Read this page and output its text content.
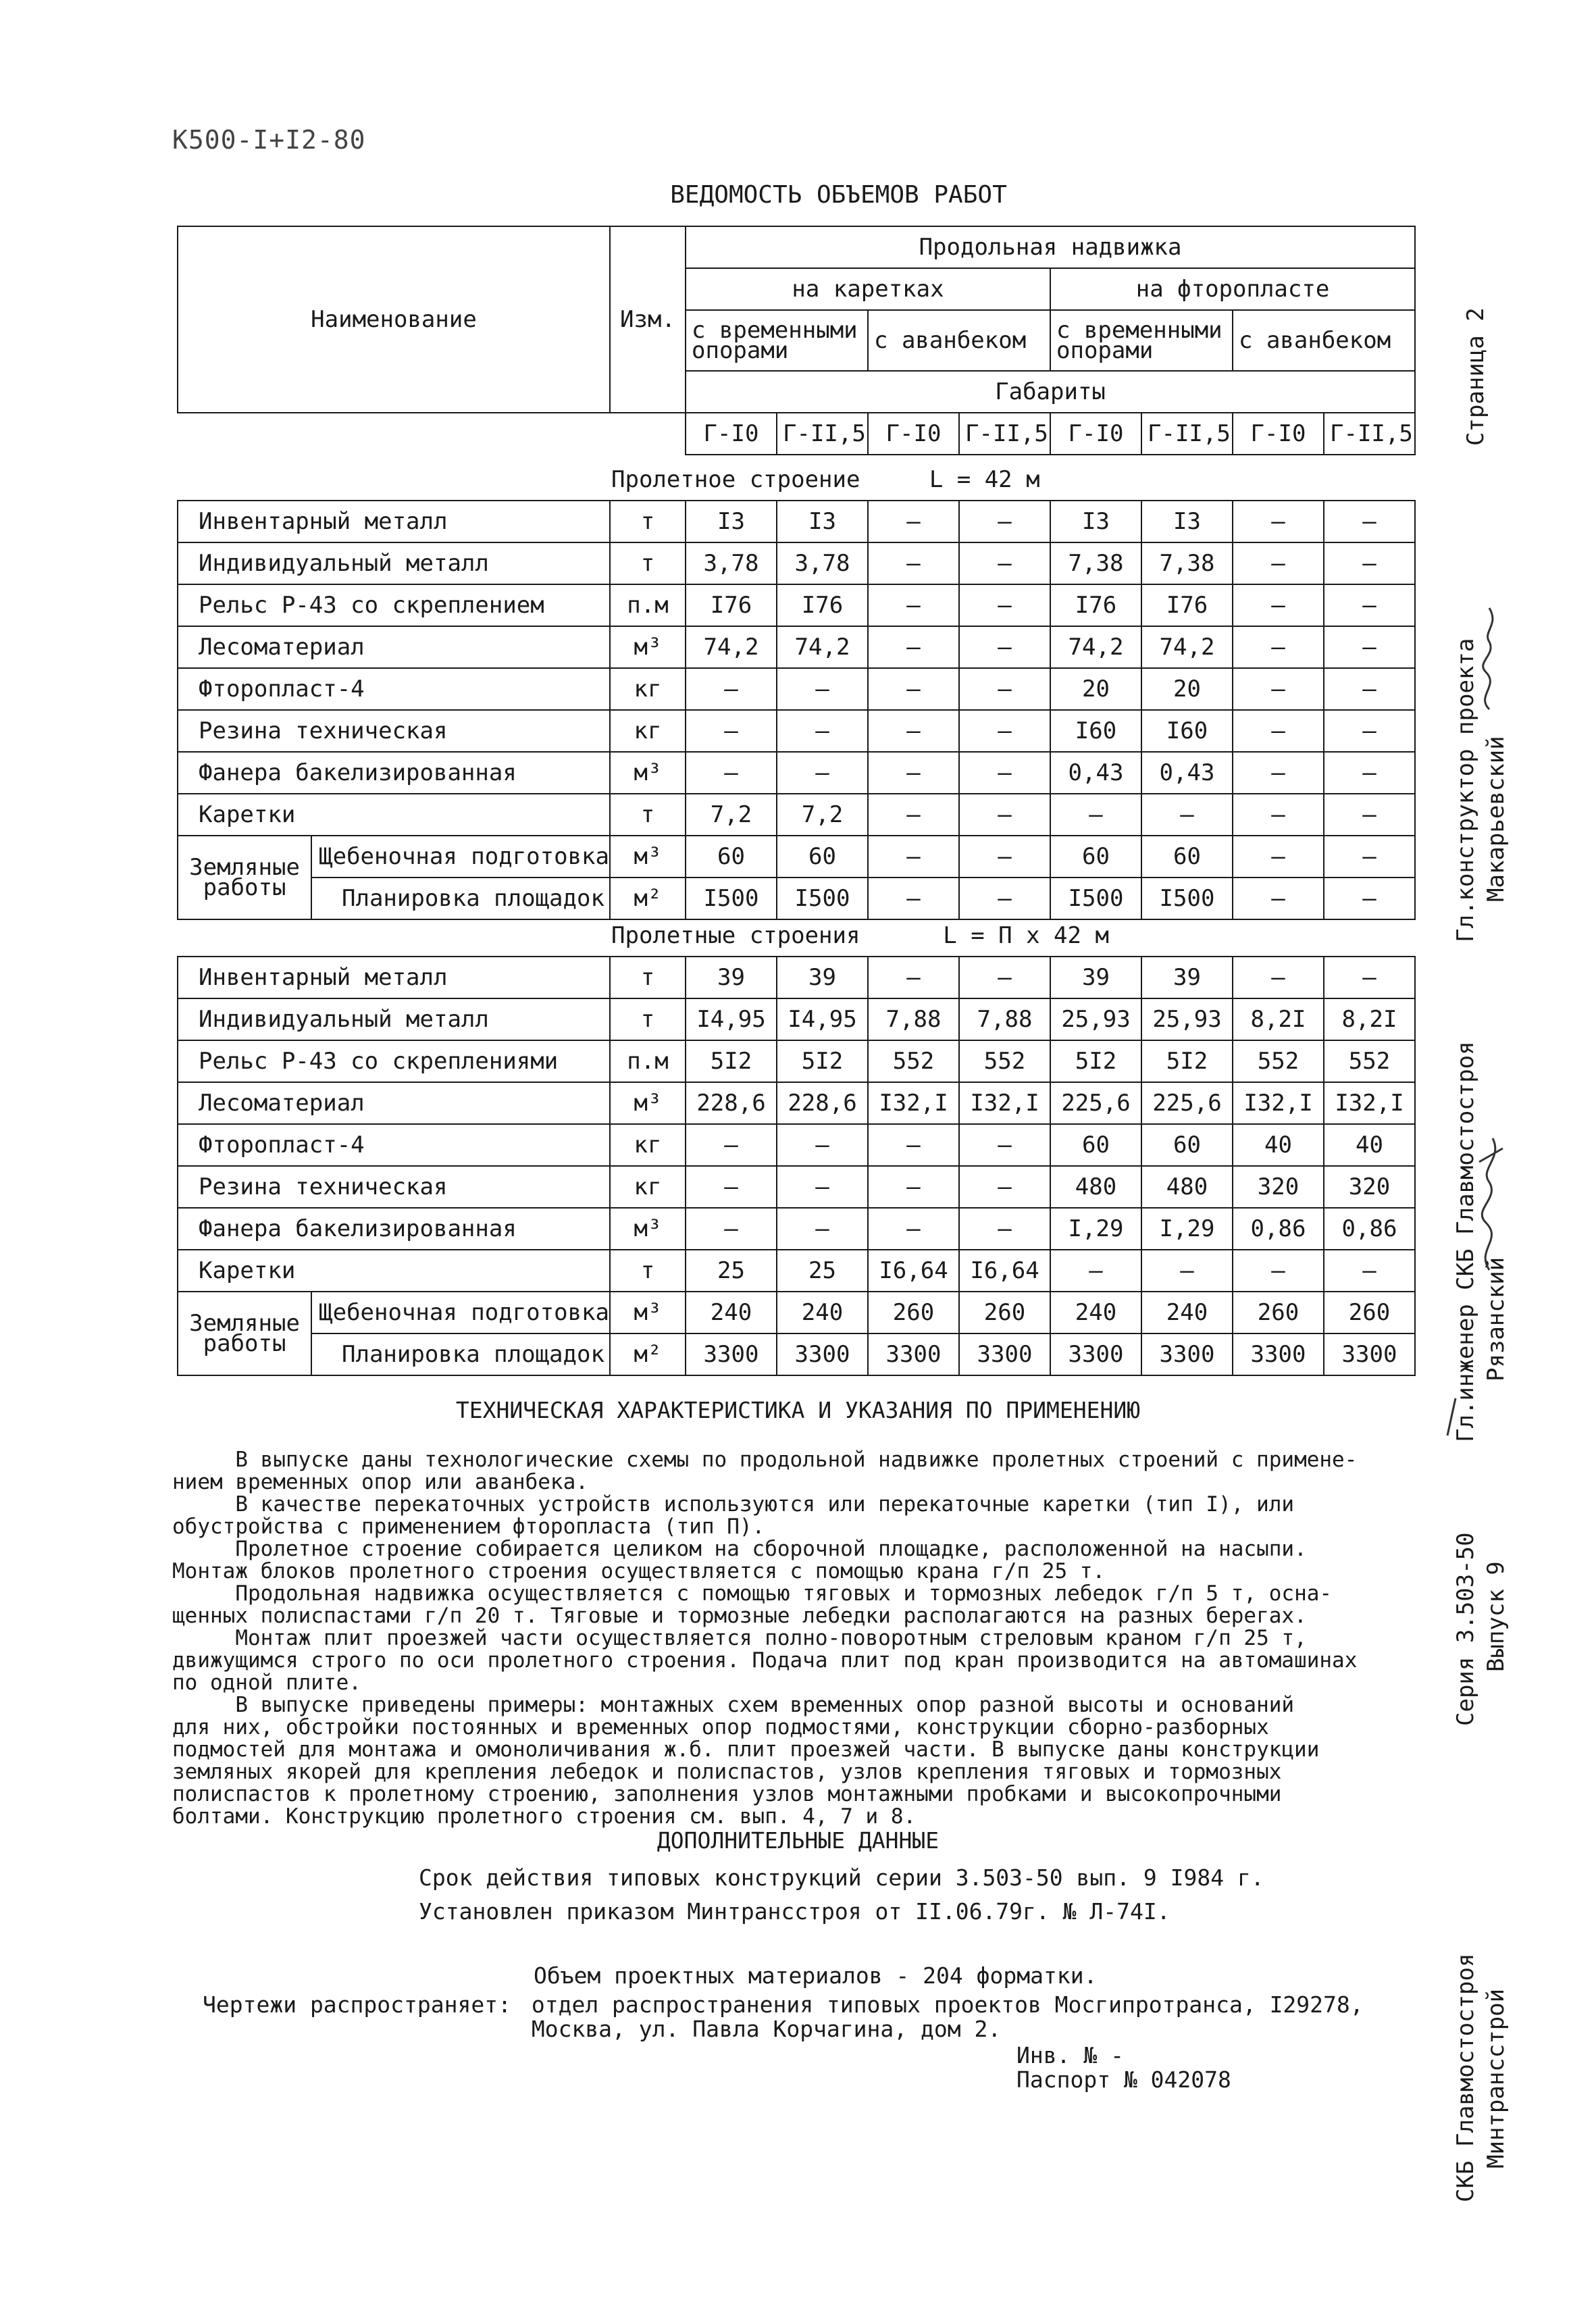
К500-I+I2-80
ВЕДОМОСТЬ ОБЪЕМОВ РАБОТ
Наименование	Изм.	Продольная надвижка							
		на каретках				на фторопласте			
		с временными опорами		с аванбеком		с временными опорами		с аванбеком	
		Габариты							
		Г-I0	Г-II,5	Г-I0	Г-II,5	Г-I0	Г-II,5	Г-I0	Г-II,5
Пролетное строение	L = 42 м
Инвентарный металл	т	I3	I3	–	–	I3	I3	–	–
Индивидуальный металл	т	3,78	3,78	–	–	7,38	7,38	–	–
Рельс Р-43 со скреплением	п.м	I76	I76	–	–	I76	I76	–	–
Лесоматериал	м³	74,2	74,2	–	–	74,2	74,2	–	–
Фторопласт-4	кг	–	–	–	–	20	20	–	–
Резина техническая	кг	–	–	–	–	I60	I60	–	–
Фанера бакелизированная	м³	–	–	–	–	0,43	0,43	–	–
Каретки	т	7,2	7,2	–	–	–	–	–	–

Земляные работы
Щебеночная подготовка	м³	60	60	–	–	60	60	–	–

Планировка площадок	м²	I500	I500	–	–	I500	I500	–	–
Пролетные строения	L = П х 42 м
Инвентарный металл	т	39	39	–	–	39	39	–	–
Индивидуальный металл	т	I4,95	I4,95	7,88	7,88	25,93	25,93	8,2I	8,2I
Рельс Р-43 со скреплениями	п.м	5I2	5I2	552	552	5I2	5I2	552	552
Лесоматериал	м³	228,6	228,6	I32,I	I32,I	225,6	225,6	I32,I	I32,I
Фторопласт-4	кг	–	–	–	–	60	60	40	40
Резина техническая	кг	–	–	–	–	480	480	320	320
Фанера бакелизированная	м³	–	–	–	–	I,29	I,29	0,86	0,86
Каретки	т	25	25	I6,64	I6,64	–	–	–	–

Земляные работы
Щебеночная подготовка	м³	240	240	260	260	240	240	260	260

Планировка площадок	м²	3300	3300	3300	3300	3300	3300	3300	3300
ТЕХНИЧЕСКАЯ ХАРАКТЕРИСТИКА И УКАЗАНИЯ ПО ПРИМЕНЕНИЮ
В выпуске даны технологические схемы по продольной надвижке пролетных строений с примене-
нием временных опор или аванбека.
В качестве перекаточных устройств используются или перекаточные каретки (тип I), или
обустройства с применением фторопласта (тип П).
Пролетное строение собирается целиком на сборочной площадке, расположенной на насыпи.
Монтаж блоков пролетного строения осуществляется с помощью крана г/п 25 т.
Продольная надвижка осуществляется с помощью тяговых и тормозных лебедок г/п 5 т, осна-
щенных полиспастами г/п 20 т. Тяговые и тормозные лебедки располагаются на разных берегах.
Монтаж плит проезжей части осуществляется полно-поворотным стреловым краном г/п 25 т,
движущимся строго по оси пролетного строения. Подача плит под кран производится на автомашинах
по одной плите.
В выпуске приведены примеры: монтажных схем временных опор разной высоты и оснований
для них, обстройки постоянных и временных опор подмостями, конструкции сборно-разборных
подмостей для монтажа и омоноличивания ж.б. плит проезжей части. В выпуске даны конструкции
земляных якорей для крепления лебедок и полиспастов, узлов крепления тяговых и тормозных
полиспастов к пролетному строению, заполнения узлов монтажными пробками и высокопрочными
болтами. Конструкцию пролетного строения см. вып. 4, 7 и 8.
ДОПОЛНИТЕЛЬНЫЕ ДАННЫЕ
Срок действия типовых конструкций серии 3.503-50 вып. 9 I984 г.
Установлен приказом Минтрансстроя от II.06.79г. № Л-74I.
Объем проектных материалов - 204 форматки.
Чертежи распространяет: отдел распространения типовых проектов Мосгипротранса, I29278,
Москва, ул. Павла Корчагина, дом 2.
Инв. № -
Паспорт № 042078
Страница 2
Гл.конструктор проекта Макарьевский
Гл.инженер СКБ Главмостостроя Рязанский
Серия 3.503-50 Выпуск 9
СКБ Главмостостроя Минтрансстрой
